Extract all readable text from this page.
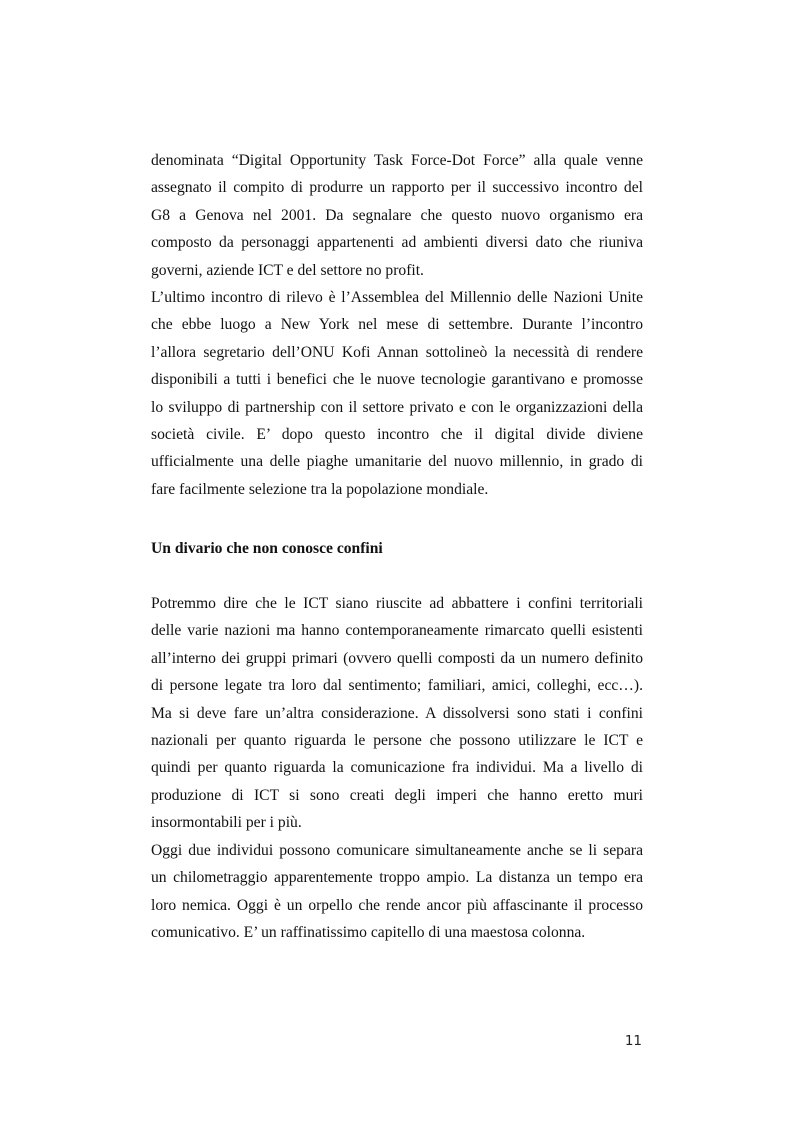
denominata “Digital Opportunity Task Force-Dot Force” alla quale venne
assegnato il compito di produrre un rapporto per il successivo incontro del
G8 a Genova nel 2001. Da segnalare che questo nuovo organismo era
composto da personaggi appartenenti ad ambienti diversi dato che riuniva
governi, aziende ICT e del settore no profit.
L’ultimo incontro di rilevo è l’Assemblea del Millennio delle Nazioni Unite
che ebbe luogo a New York nel mese di settembre. Durante l’incontro
l’allora segretario dell’ONU Kofi Annan sottolineò la necessità di rendere
disponibili a tutti i benefici che le nuove tecnologie garantivano e promosse
lo sviluppo di partnership con il settore privato e con le organizzazioni della
società civile. E’ dopo questo incontro che il digital divide diviene
ufficialmente una delle piaghe umanitarie del nuovo millennio, in grado di
fare facilmente selezione tra la popolazione mondiale.
Un divario che non conosce confini
Potremmo dire che le ICT siano riuscite ad abbattere i confini territoriali
delle varie nazioni ma hanno contemporaneamente rimarcato quelli esistenti
all’interno dei gruppi primari (ovvero quelli composti da un numero definito
di persone legate tra loro dal sentimento; familiari, amici, colleghi, ecc…).
Ma si deve fare un’altra considerazione. A dissolversi sono stati i confini
nazionali per quanto riguarda le persone che possono utilizzare le ICT e
quindi per quanto riguarda la comunicazione fra individui. Ma a livello di
produzione di ICT si sono creati degli imperi che hanno eretto muri
insormontabili per i più.
Oggi due individui possono comunicare simultaneamente anche se li separa
un chilometraggio apparentemente troppo ampio. La distanza un tempo era
loro nemica. Oggi è un orpello che rende ancor più affascinante il processo
comunicativo. E’ un raffinatissimo capitello di una maestosa colonna.
11
